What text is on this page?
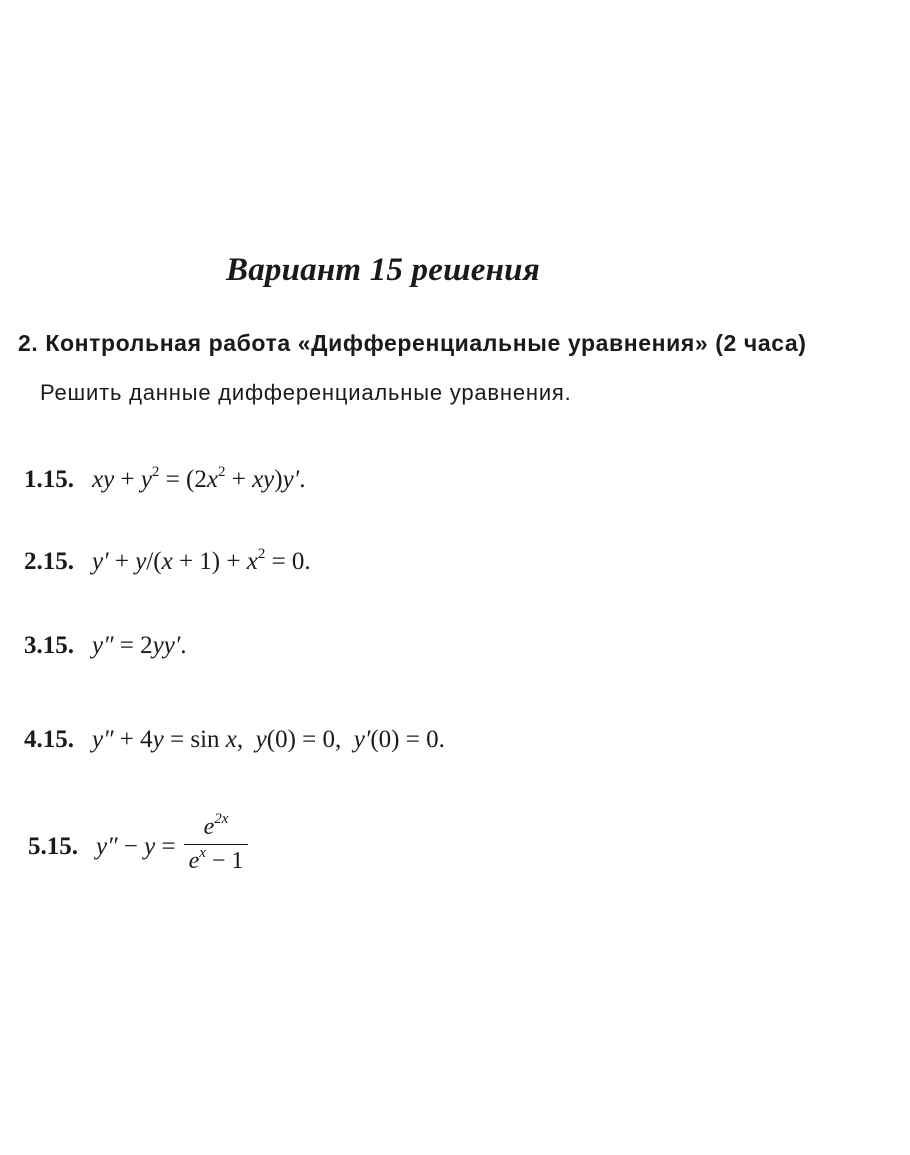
Вариант 15 решения
2. Контрольная работа «Дифференциальные уравнения» (2 часа)
Решить данные дифференциальные уравнения.
1.15. xy + $y^2 = (2x^2 + xy)y'$.
2.15. $y' + y/(x + 1) + x^2 = 0$.
3.15. y″ = 2yy′.
4.15. y″ + 4y = sin x,  y(0) = 0,  y′(0) = 0.
5.15. $y'' - y = \frac{e^{2x}}{e^x - 1}$
